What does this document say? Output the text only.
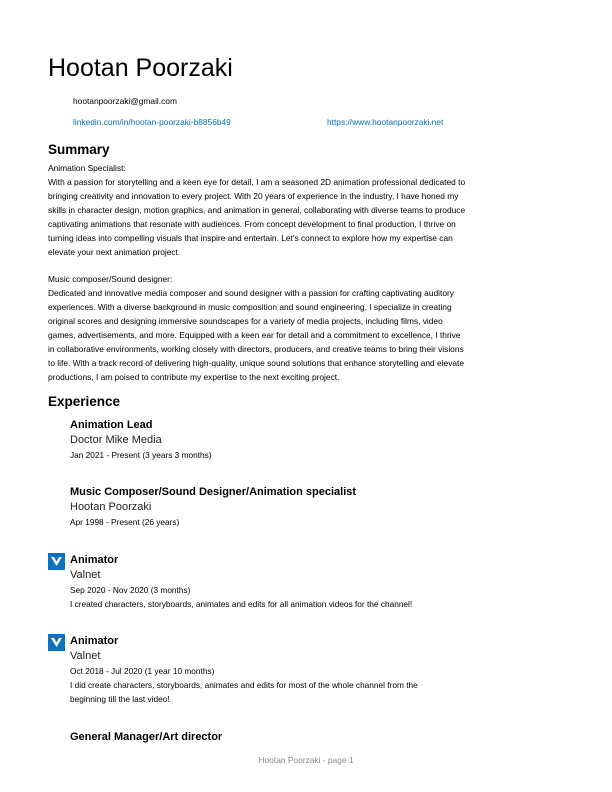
Hootan Poorzaki
hootanpoorzaki@gmail.com
linkedin.com/in/hootan-poorzaki-b8856b49	https://www.hootanpoorzaki.net
Summary
Animation Specialist:
With a passion for storytelling and a keen eye for detail, I am a seasoned 2D animation professional dedicated to
bringing creativity and innovation to every project. With 20 years of experience in the industry, I have honed my
skills in character design, motion graphics, and animation in general, collaborating with diverse teams to produce
captivating animations that resonate with audiences. From concept development to final production, I thrive on
turning ideas into compelling visuals that inspire and entertain. Let's connect to explore how my expertise can
elevate your next animation project.
Music composer/Sound designer:
Dedicated and innovative media composer and sound designer with a passion for crafting captivating auditory
experiences. With a diverse background in music composition and sound engineering, I specialize in creating
original scores and designing immersive soundscapes for a variety of media projects, including films, video
games, advertisements, and more. Equipped with a keen ear for detail and a commitment to excellence, I thrive
in collaborative environments, working closely with directors, producers, and creative teams to bring their visions
to life. With a track record of delivering high-quality, unique sound solutions that enhance storytelling and elevate
productions, I am poised to contribute my expertise to the next exciting project.
Experience
Animation Lead
Doctor Mike Media
Jan 2021 - Present (3 years 3 months)
Music Composer/Sound Designer/Animation specialist
Hootan Poorzaki
Apr 1998 - Present (26 years)
Animator
Valnet
Sep 2020 - Nov 2020 (3 months)
I created characters, storyboards, animates and edits for all animation videos for the channel!
Animator
Valnet
Oct 2018 - Jul 2020 (1 year 10 months)
I did create characters, storyboards, animates and edits for most of the whole channel from the
beginning till the last video!
General Manager/Art director
Hootan Poorzaki - page 1
